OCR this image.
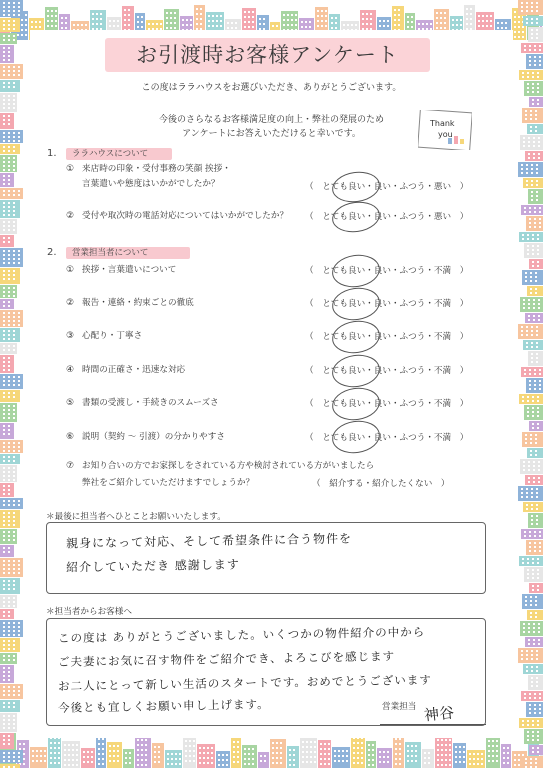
お引渡時お客様アンケート
この度はララハウスをお選びいただき、ありがとうございます。
今後のさらなるお客様満足度の向上・弊社の発展のため
アンケートにお答えいただけると幸いです。
Thank
you
1.	ララハウスについて
① 来店時の印象・受付事務の笑顔 挨拶・
言葉遣いや態度はいかがでしたか？	（　とても良い・良い・ふつう・悪い　）
② 受付や取次時の電話対応についてはいかがでしたか？ （　とても良い・良い・ふつう・悪い　）
2.	営業担当者について
① 挨拶・言葉遣いについて	（　とても良い・良い・ふつう・不満　）
② 報告・連絡・約束ごとの徹底	（　とても良い・良い・ふつう・不満　）
③ 心配り・丁寧さ	（　とても良い・良い・ふつう・不満　）
④ 時間の正確さ・迅速な対応	（　とても良い・良い・ふつう・不満　）
⑤ 書類の受渡し・手続きのスムーズさ	（　とても良い・良い・ふつう・不満　）
⑥ 説明（契約 ～ 引渡）の分かりやすさ	（　とても良い・良い・ふつう・不満　）
⑦ お知り合いの方でお家探しをされている方や検討されている方がいましたら
弊社をご紹介していただけますでしょうか？	（　紹介する・紹介したくない　）
＊最後に担当者へひとことお願いいたします。
親身になって対応、そして希望条件に合う物件を
紹介していただき 感謝します
＊担当者からお客様へ
この度は ありがとうございました。いくつかの物件紹介の中から
ご夫妻にお気に召す物件をご紹介でき、よろこびを感じます
お二人にとって新しい生活のスタートです。おめでとうございます
今後とも宜しくお願い申し上げます。	営業担当 神谷
